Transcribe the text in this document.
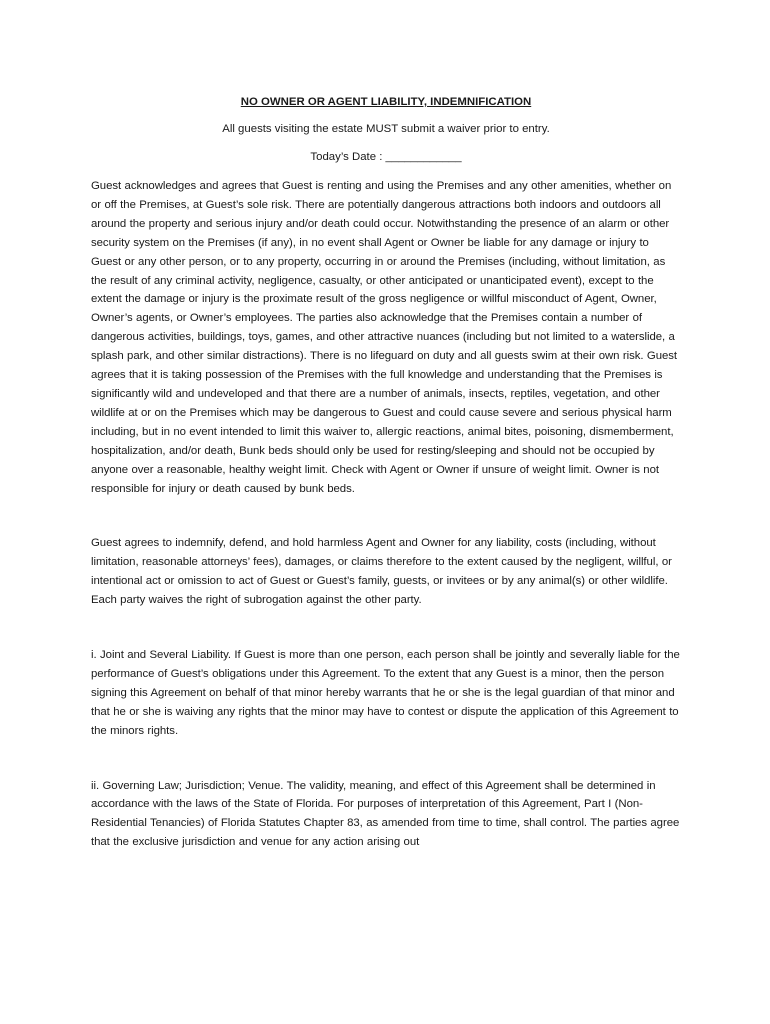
NO OWNER OR AGENT LIABILITY, INDEMNIFICATION

All guests visiting the estate MUST submit a waiver prior to entry.

Today’s Date : ____________

Guest acknowledges and agrees that Guest is renting and using the Premises and any other amenities, whether on or off the Premises, at Guest’s sole risk. There are potentially dangerous attractions both indoors and outdoors all around the property and serious injury and/or death could occur. Notwithstanding the presence of an alarm or other security system on the Premises (if any), in no event shall Agent or Owner be liable for any damage or injury to Guest or any other person, or to any property, occurring in or around the Premises (including, without limitation, as the result of any criminal activity, negligence, casualty, or other anticipated or unanticipated event), except to the extent the damage or injury is the proximate result of the gross negligence or willful misconduct of Agent, Owner, Owner’s agents, or Owner’s employees. The parties also acknowledge that the Premises contain a number of dangerous activities, buildings, toys, games, and other attractive nuances (including but not limited to a waterslide, a splash park, and other similar distractions). There is no lifeguard on duty and all guests swim at their own risk. Guest agrees that it is taking possession of the Premises with the full knowledge and understanding that the Premises is significantly wild and undeveloped and that there are a number of animals, insects, reptiles, vegetation, and other wildlife at or on the Premises which may be dangerous to Guest and could cause severe and serious physical harm including, but in no event intended to limit this waiver to, allergic reactions, animal bites, poisoning, dismemberment, hospitalization, and/or death, Bunk beds should only be used for resting/sleeping and should not be occupied by anyone over a reasonable, healthy weight limit. Check with Agent or Owner if unsure of weight limit. Owner is not responsible for injury or death caused by bunk beds.

Guest agrees to indemnify, defend, and hold harmless Agent and Owner for any liability, costs (including, without limitation, reasonable attorneys’ fees), damages, or claims therefore to the extent caused by the negligent, willful, or intentional act or omission to act of Guest or Guest’s family, guests, or invitees or by any animal(s) or other wildlife. Each party waives the right of subrogation against the other party.

i. Joint and Several Liability. If Guest is more than one person, each person shall be jointly and severally liable for the performance of Guest’s obligations under this Agreement. To the extent that any Guest is a minor, then the person signing this Agreement on behalf of that minor hereby warrants that he or she is the legal guardian of that minor and that he or she is waiving any rights that the minor may have to contest or dispute the application of this Agreement to the minors rights.

ii. Governing Law; Jurisdiction; Venue. The validity, meaning, and effect of this Agreement shall be determined in accordance with the laws of the State of Florida. For purposes of interpretation of this Agreement, Part I (Non-Residential Tenancies) of Florida Statutes Chapter 83, as amended from time to time, shall control. The parties agree that the exclusive jurisdiction and venue for any action arising out
